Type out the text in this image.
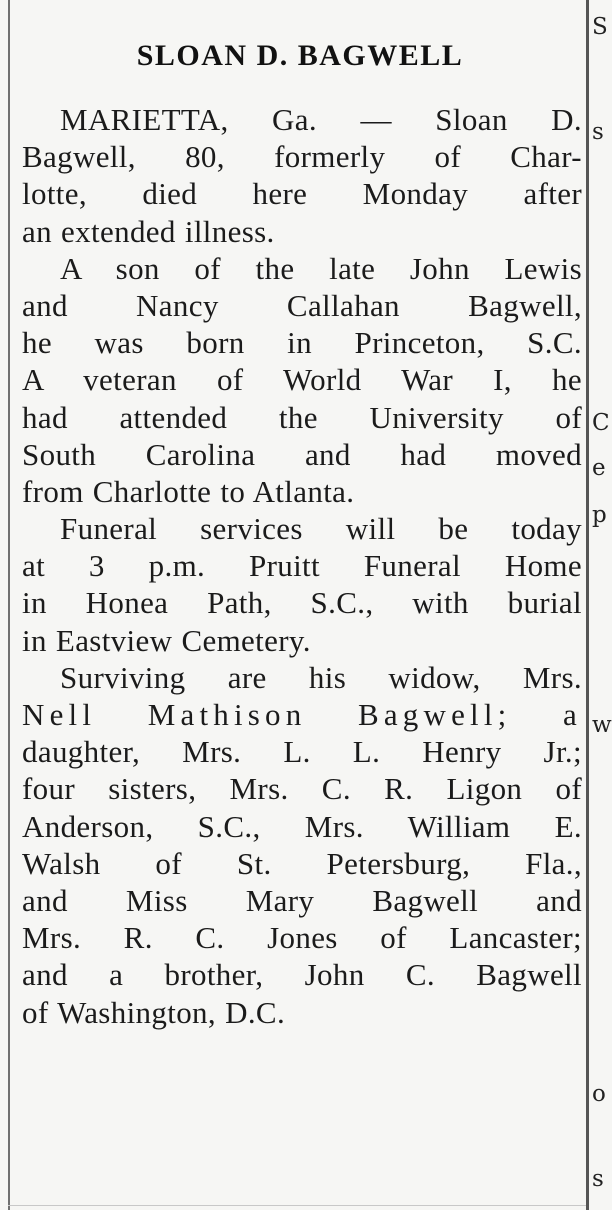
SLOAN D. BAGWELL

MARIETTA, Ga. — Sloan D.
Bagwell, 80, formerly of Char-
lotte, died here Monday after
an extended illness.

A son of the late John Lewis
and Nancy Callahan Bagwell,
he was born in Princeton, S.C.
A veteran of World War I, he
had attended the University of
South Carolina and had moved
from Charlotte to Atlanta.

Funeral services will be today
at 3 p.m. Pruitt Funeral Home
in Honea Path, S.C., with burial
in Eastview Cemetery.

Surviving are his widow, Mrs.
Nell Mathison Bagwell; a
daughter, Mrs. L. L. Henry Jr.;
four sisters, Mrs. C. R. Ligon of
Anderson, S.C., Mrs. William E.
Walsh of St. Petersburg, Fla.,
and Miss Mary Bagwell and
Mrs. R. C. Jones of Lancaster;
and a brother, John C. Bagwell
of Washington, D.C.

S
s
C
e
p
w
o
s
